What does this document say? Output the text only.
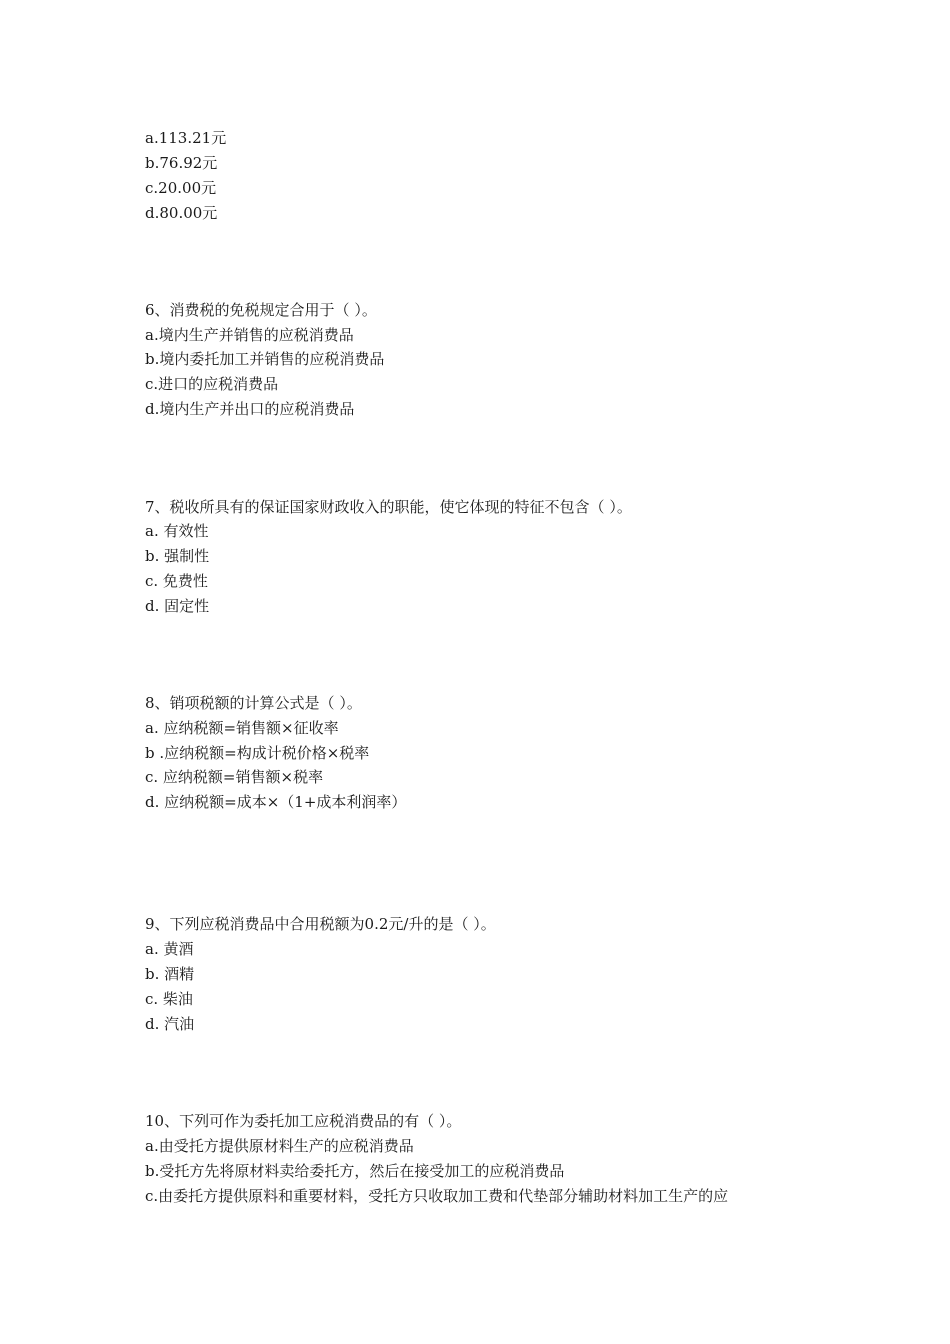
a.113.21元
b.76.92元
c.20.00元
d.80.00元
6、消费税的免税规定合用于（ ）。
a.境内生产并销售的应税消费品
b.境内委托加工并销售的应税消费品
c.进口的应税消费品
d.境内生产并出口的应税消费品
7、税收所具有的保证国家财政收入的职能，使它体现的特征不包含（ ）。
a. 有效性
b. 强制性
c. 免费性
d. 固定性
8、销项税额的计算公式是（ ）。
a. 应纳税额=销售额×征收率
b .应纳税额=构成计税价格×税率
c. 应纳税额=销售额×税率
d. 应纳税额=成本×（1+成本利润率）
9、下列应税消费品中合用税额为0.2元/升的是（ ）。
a. 黄酒
b. 酒精
c. 柴油
d. 汽油
10、下列可作为委托加工应税消费品的有（ ）。
a.由受托方提供原材料生产的应税消费品
b.受托方先将原材料卖给委托方，然后在接受加工的应税消费品
c.由委托方提供原料和重要材料，受托方只收取加工费和代垫部分辅助材料加工生产的应
